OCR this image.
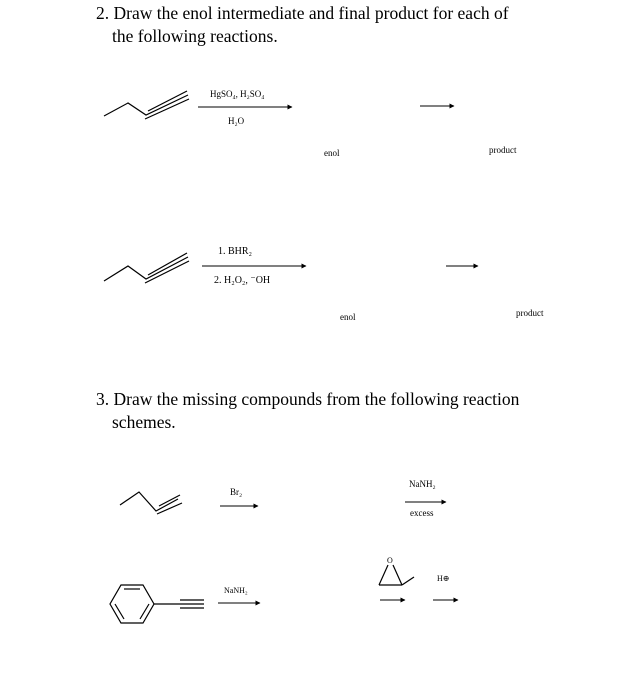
2. Draw the enol intermediate and final product for each of
the following reactions.
3. Draw the missing compounds from the following reaction
schemes.
HgSO₄, H₂SO₄
H₂O
enol	product
1. BHR₂
2. H₂O₂, ⁻OH
enol	product
Br₂
NaNH₂
excess
NaNH₂
O
H⊕
